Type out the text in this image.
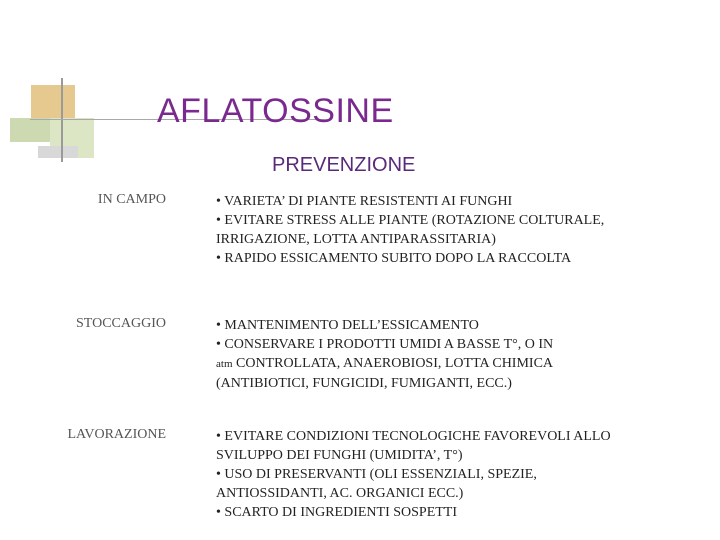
AFLATOSSINE
PREVENZIONE
IN CAMPO	• VARIETA’ DI PIANTE RESISTENTI AI FUNGHI
• EVITARE STRESS ALLE PIANTE (ROTAZIONE COLTURALE, IRRIGAZIONE, LOTTA ANTIPARASSITARIA)
• RAPIDO ESSICAMENTO SUBITO DOPO LA RACCOLTA
STOCCAGGIO	• MANTENIMENTO DELL’ESSICAMENTO
• CONSERVARE I PRODOTTI UMIDI A BASSE T°, O IN
atm CONTROLLATA, ANAEROBIOSI, LOTTA CHIMICA (ANTIBIOTICI, FUNGICIDI, FUMIGANTI, ECC.)
LAVORAZIONE	• EVITARE CONDIZIONI TECNOLOGICHE FAVOREVOLI ALLO SVILUPPO DEI FUNGHI (UMIDITA’, T°)
• USO DI PRESERVANTI (OLI ESSENZIALI, SPEZIE, ANTIOSSIDANTI, AC. ORGANICI ECC.)
• SCARTO DI INGREDIENTI SOSPETTI
